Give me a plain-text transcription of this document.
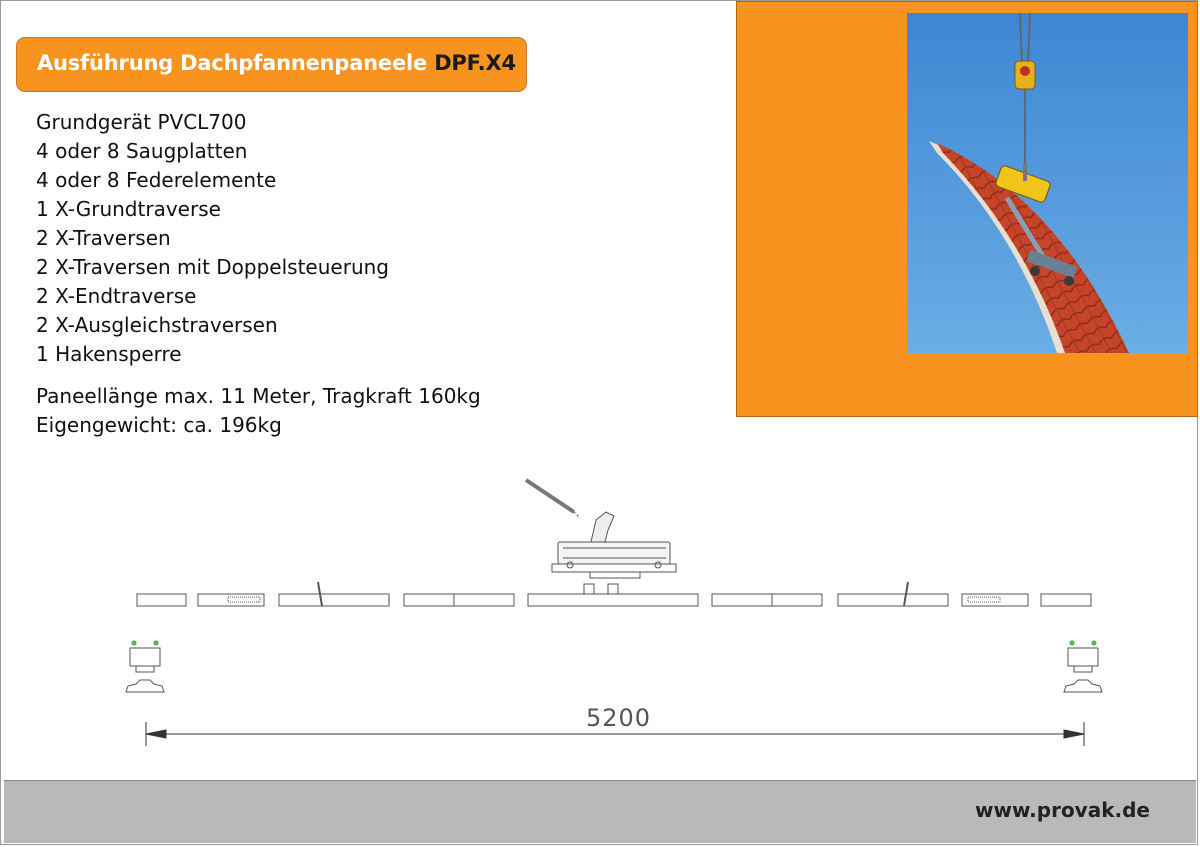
Ausführung Dachpfannenpaneele DPF.X4
Grundgerät PVCL700
4 oder 8 Saugplatten
4 oder 8 Federelemente
1 X-Grundtraverse
2 X-Traversen
2 X-Traversen mit Doppelsteuerung
2 X-Endtraverse
2 X-Ausgleichstraversen
1 Hakensperre
Paneellänge max. 11 Meter, Tragkraft 160kg
Eigengewicht: ca. 196kg
5200
www.provak.de
